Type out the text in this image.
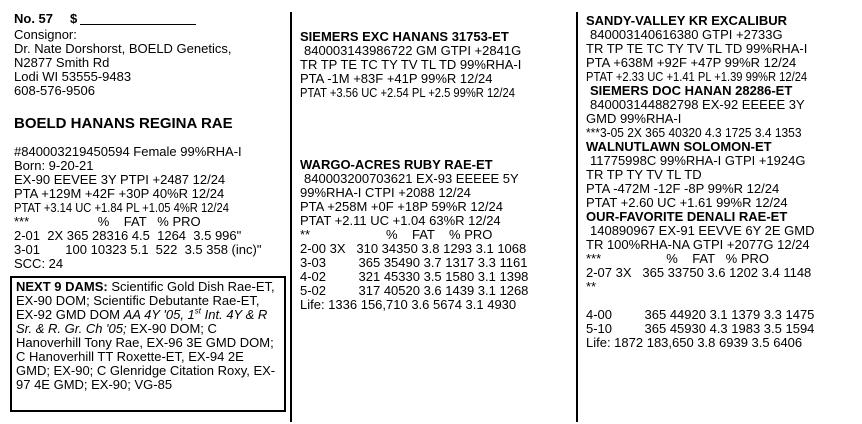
No. 57 $
Consignor:
Dr. Nate Dorshorst, BOELD Genetics,
N2877 Smith Rd
Lodi WI 53555-9483
608-576-9506
BOELD HANANS REGINA RAE
#840003219450594 Female 99%RHA-I
Born: 9-20-21
EX-90 EEVEE 3Y PTPI +2487 12/24
PTA +129M +42F +30P 40%R 12/24
PTAT +3.14 UC +1.84 PL +1.05 4%R 12/24
***                   %    FAT   % PRO
2-01  2X 365 28316 4.5  1264  3.5 996"
3-01       100 10323 5.1  522  3.5 358 (inc)"
SCC: 24
NEXT 9 DAMS: Scientific Gold Dish Rae-ET, EX-90 DOM; Scientific Debutante Rae-ET, EX-92 GMD DOM AA 4Y '05, 1st Int. 4Y & R Sr. & R. Gr. Ch '05; EX-90 DOM; C Hanoverhill Tony Rae, EX-96 3E GMD DOM; C Hanoverhill TT Roxette-ET, EX-94 2E GMD; EX-90; C Glenridge Citation Roxy, EX-97 4E GMD; EX-90; VG-85
SIEMERS EXC HANANS 31753-ET
840003143986722 GM GTPI +2841G
TR TP TE TC TY TV TL TD 99%RHA-I
PTA -1M +83F +41P 99%R 12/24
PTAT +3.56 UC +2.54 PL +2.5 99%R 12/24
WARGO-ACRES RUBY RAE-ET
840003200703621 EX-93 EEEEE 5Y
99%RHA-I CTPI +2088 12/24
PTA +258M +0F +18P 59%R 12/24
PTAT +2.11 UC +1.04 63%R 12/24
**                     %    FAT    % PRO
2-00 3X   310 34350 3.8 1293 3.1 1068
3-03         365 35490 3.7 1317 3.3 1161
4-02         321 45330 3.5 1580 3.1 1398
5-02         317 40520 3.6 1439 3.1 1268
Life: 1336 156,710 3.6 5674 3.1 4930
SANDY-VALLEY KR EXCALIBUR
840003140616380 GTPI +2733G
TR TP TE TC TY TV TL TD 99%RHA-I
PTA +638M +92F +47P 99%R 12/24
PTAT +2.33 UC +1.41 PL +1.39 99%R 12/24
SIEMERS DOC HANAN 28286-ET
840003144882798 EX-92 EEEEE 3Y
GMD 99%RHA-I
***3-05 2X 365 40320 4.3 1725 3.4 1353
WALNUTLAWN SOLOMON-ET
11775998C 99%RHA-I GTPI +1924G
TR TP TY TV TL TD
PTA -472M -12F -8P 99%R 12/24
PTAT +2.60 UC +1.61 99%R 12/24
OUR-FAVORITE DENALI RAE-ET
140890967 EX-91 EEVVE 6Y 2E GMD
TR 100%RHA-NA GTPI +2077G 12/24
***                  %    FAT   % PRO
2-07 3X   365 33750 3.6 1202 3.4 1148
**
4-00         365 44920 3.1 1379 3.3 1475
5-10         365 45930 4.3 1983 3.5 1594
Life: 1872 183,650 3.8 6939 3.5 6406
